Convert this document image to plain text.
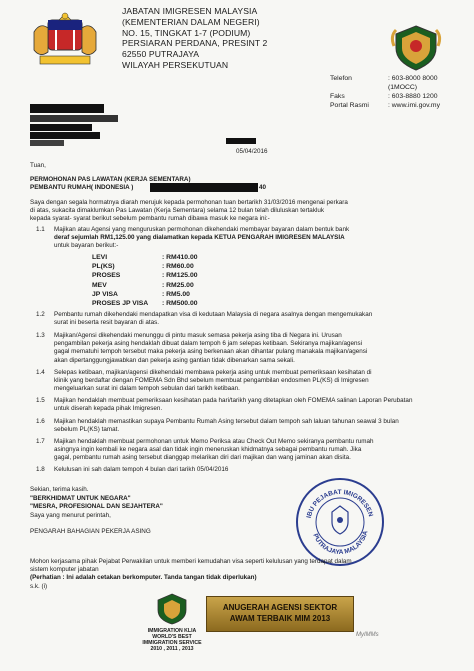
JABATAN IMIGRESEN MALAYSIA
(KEMENTERIAN DALAM NEGERI)
NO. 15, TINGKAT 1-7 (PODIUM)
PERSIARAN PERDANA, PRESINT 2
62550 PUTRAJAYA
WILAYAH PERSEKUTUAN
Telefon	: 603-8000 8000
(1MOCC)
Faks	: 603-8880 1200
Portal Rasmi	: www.imi.gov.my
05/04/2016
Tuan,
PERMOHONAN PAS LAWATAN (KERJA SEMENTARA)
PEMBANTU RUMAH( INDONESIA )	40
Saya dengan segala hormatnya diarah merujuk kepada permohonan tuan bertarikh 31/03/2016 mengenai perkara
di atas, sukacita dimaklumkan Pas Lawatan (Kerja Sementara) selama 12 bulan telah diluluskan tertakluk
kepada syarat- syarat berikut sebelum pembantu rumah dibawa masuk ke negara ini:-
1.1 Majikan atau Agensi yang menguruskan permohonan dikehendaki membayar bayaran dalam bentuk bank
deraf sejumlah RM1,125.00 yang dialamatkan kepada KETUA PENGARAH IMIGRESEN MALAYSIA
untuk bayaran berikut:-
LEVI	: RM410.00
PL(KS)	: RM60.00
PROSES	: RM125.00
MEV	: RM25.00
JP VISA	: RM5.00
PROSES JP VISA	: RM500.00
1.2 Pembantu rumah dikehendaki mendapatkan visa di kedutaan Malaysia di negara asalnya dengan mengemukakan
surat ini beserta resit bayaran di atas.
1.3 Majikan/Agensi dikehendaki menunggu di pintu masuk semasa pekerja asing tiba di Negara ini. Urusan
pengambilan pekerja asing hendaklah dibuat dalam tempoh 6 jam selepas ketibaan. Sekiranya majikan/agensi
gagal mematuhi tempoh tersebut maka pekerja asing berkenaan akan dihantar pulang manakala majikan/agensi
akan dipertanggungjawabkan dan pekerja asing gantian tidak dibenarkan sama sekali.
1.4 Selepas ketibaan, majikan/agensi dikehendaki membawa pekerja asing untuk membuat pemeriksaan kesihatan di
klinik yang berdaftar dengan FOMEMA Sdn Bhd sebelum membuat pengambilan endosmen PL(KS) di Imigresen
mengeluarkan surat ini dalam tempoh sebulan dari tarikh ketibaan.
1.5 Majikan hendaklah membuat pemeriksaan kesihatan pada hari/tarikh yang ditetapkan oleh FOMEMA salinan Laporan Perubatan
untuk diserah kepada pihak Imigresen.
1.6 Majikan hendaklah memastikan supaya Pembantu Rumah Asing tersebut dalam tempoh sah laluan tahunan seawal 3 bulan
sebelum PL(KS) tamat.
1.7 Majikan hendaklah membuat permohonan untuk Memo Periksa atau Check Out Memo sekiranya pembantu rumah
asingnya ingin kembali ke negara asal dan tidak ingin meneruskan khidmatnya sebagai pembantu rumah. Jika
gagal, pembantu rumah asing tersebut dianggap melarikan diri dari majikan dan wang jaminan akan disita.
1.8 Kelulusan ini sah dalam tempoh 4 bulan dari tarikh 05/04/2016
Sekian, terima kasih.
"BERKHIDMAT UNTUK NEGARA"
"MESRA, PROFESIONAL DAN SEJAHTERA"
Saya yang menurut perintah,
PENGARAH BAHAGIAN PEKERJA ASING
IBU PEJABAT IMIGRESEN
PUTRAJAYA MALAYSIA
Mohon kerjasama pihak Pejabat Perwakilan untuk memberi kemudahan visa seperti kelulusan yang terdapat dalam
sistem komputer jabatan
(Perhatian : Ini adalah cetakan berkomputer. Tanda tangan tidak diperlukan)
s.k. (i)
IMMIGRATION KLIA
WORLD'S BEST
IMMIGRATION SERVICE
2010 , 2011 , 2013
ANUGERAH AGENSI SEKTOR
AWAM TERBAIK MIM 2013
MyIMMs
